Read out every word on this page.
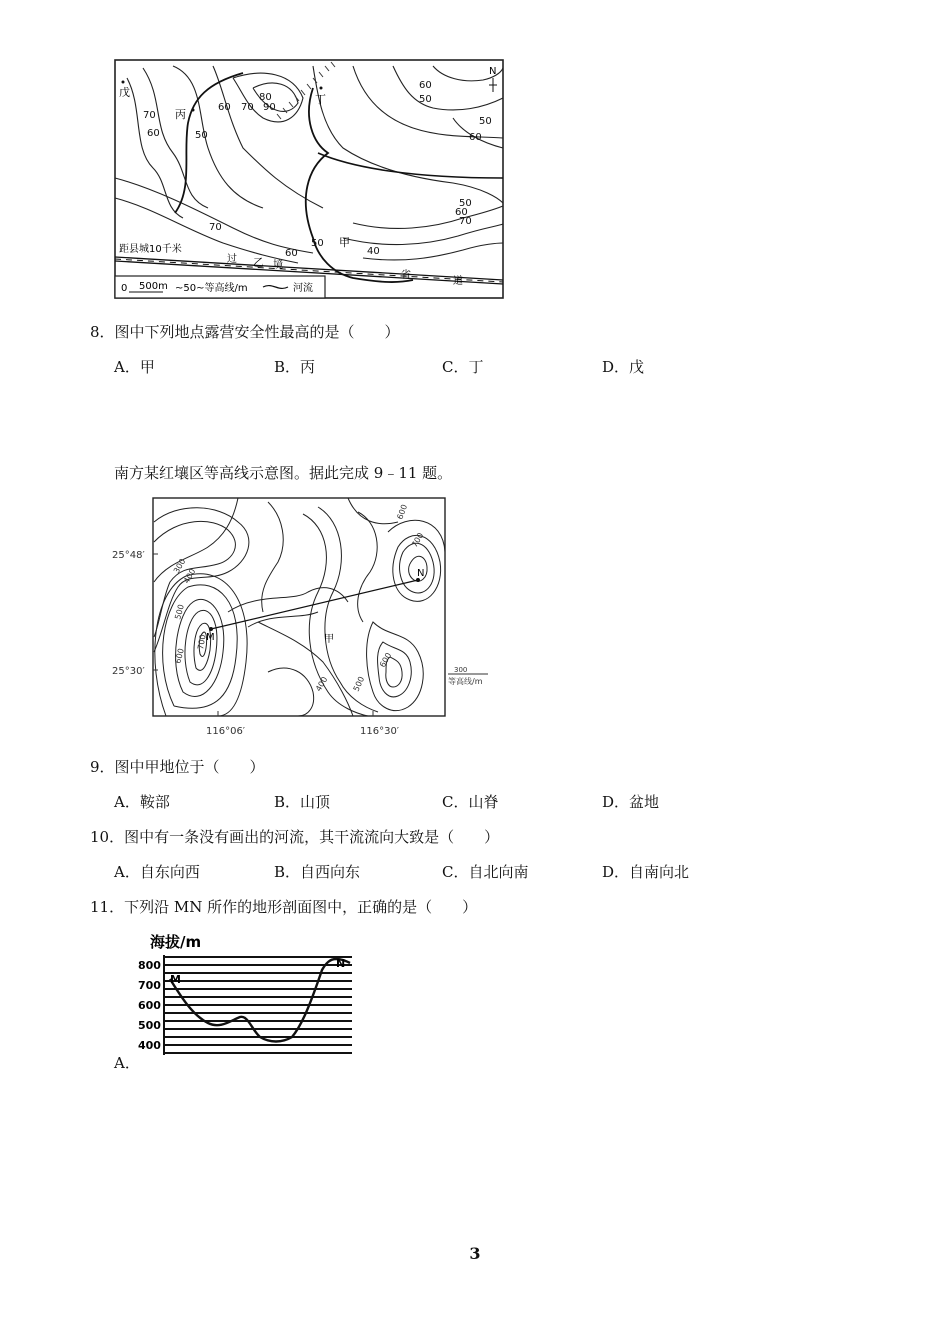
戊
丙
丁
甲
乙
N
70
60
60
50
80
70 90
60
50
50
60
50
60
70
70
60
50
40
距县城10千米
过
境
省
道
0 500m ~50~等高线/m	河流
8．图中下列地点露营安全性最高的是（　　）
A．甲	B．丙	C．丁	D．戊
南方某红壤区等高线示意图。据此完成 9﹣11 题。
M
N
甲
300
400
500
600
700
600
400	500
600
700
25°48′
25°30′
116°06′	116°30′
300
等高线/m
9．图中甲地位于（　　）
A．鞍部	B．山顶	C．山脊	D．盆地
10．图中有一条没有画出的河流，其干流流向大致是（　　）
A．自东向西	B．自西向东	C．自北向南	D．自南向北
11．下列沿 MN 所作的地形剖面图中，正确的是（　　）
海拔/m
800
700
600
500
400
M
N
A．
3
